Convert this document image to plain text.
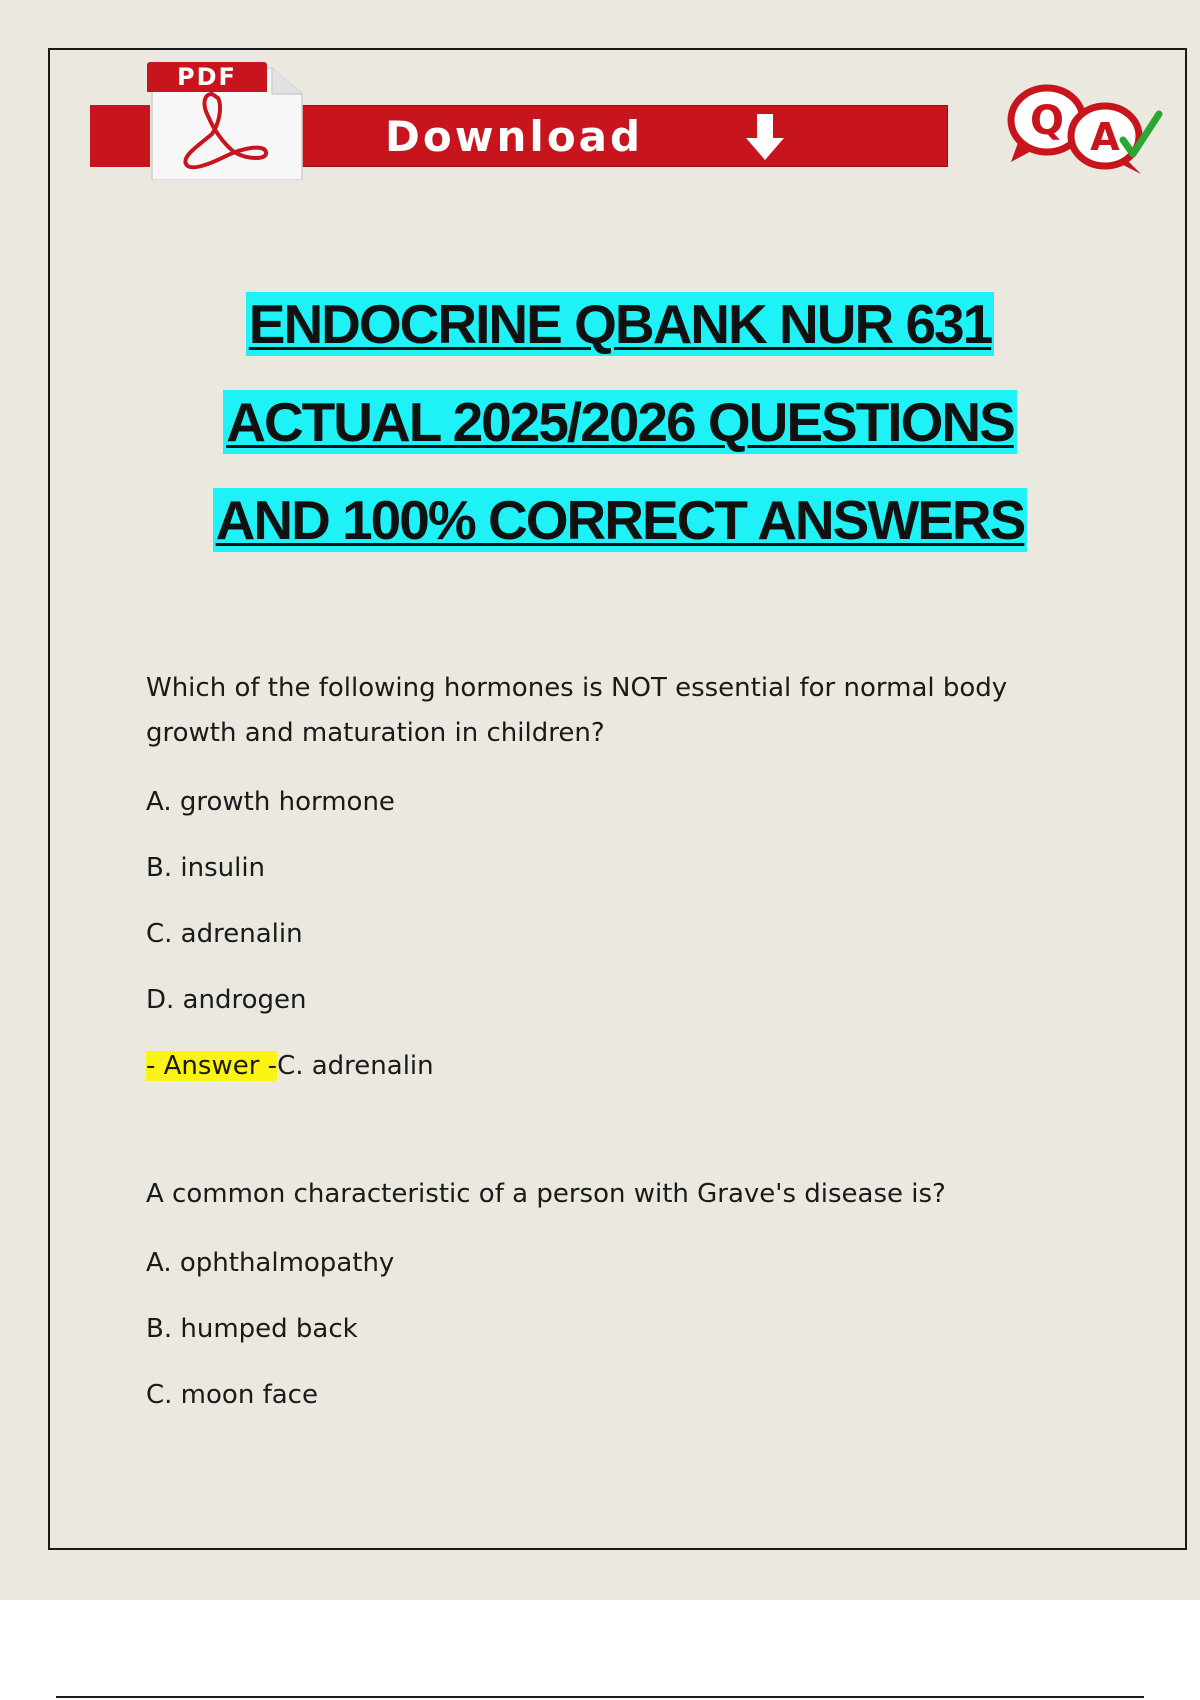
Download
PDF
Q A
ENDOCRINE QBANK NUR 631
ACTUAL 2025/2026 QUESTIONS
AND 100% CORRECT ANSWERS

Which of the following hormones is NOT essential for normal body growth and maturation in children?

A. growth hormone
B. insulin
C. adrenalin
D. androgen
- Answer -C. adrenalin

A common characteristic of a person with Grave's disease is?

A. ophthalmopathy
B. humped back
C. moon face
